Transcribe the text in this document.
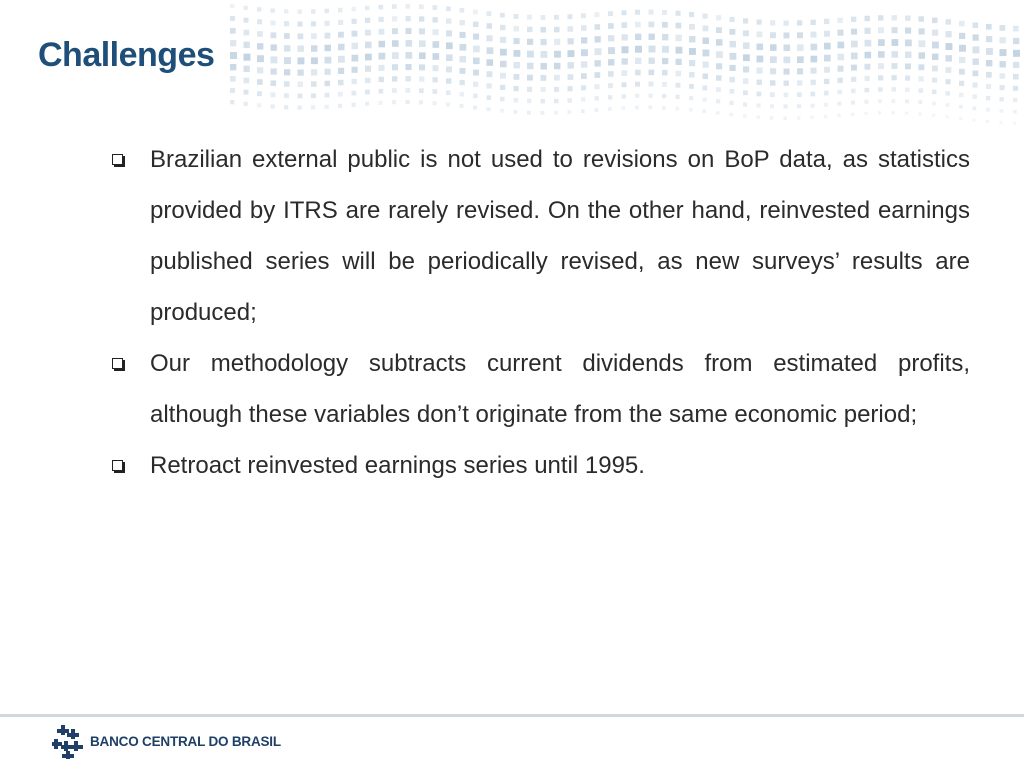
Challenges

Brazilian external public is not used to revisions on BoP data, as statistics provided by ITRS are rarely revised. On the other hand, reinvested earnings published series will be periodically revised, as new surveys’ results are produced;

Our methodology subtracts current dividends from estimated profits, although these variables don’t originate from the same economic period;

Retroact reinvested earnings series until 1995.

BANCO CENTRAL DO BRASIL
